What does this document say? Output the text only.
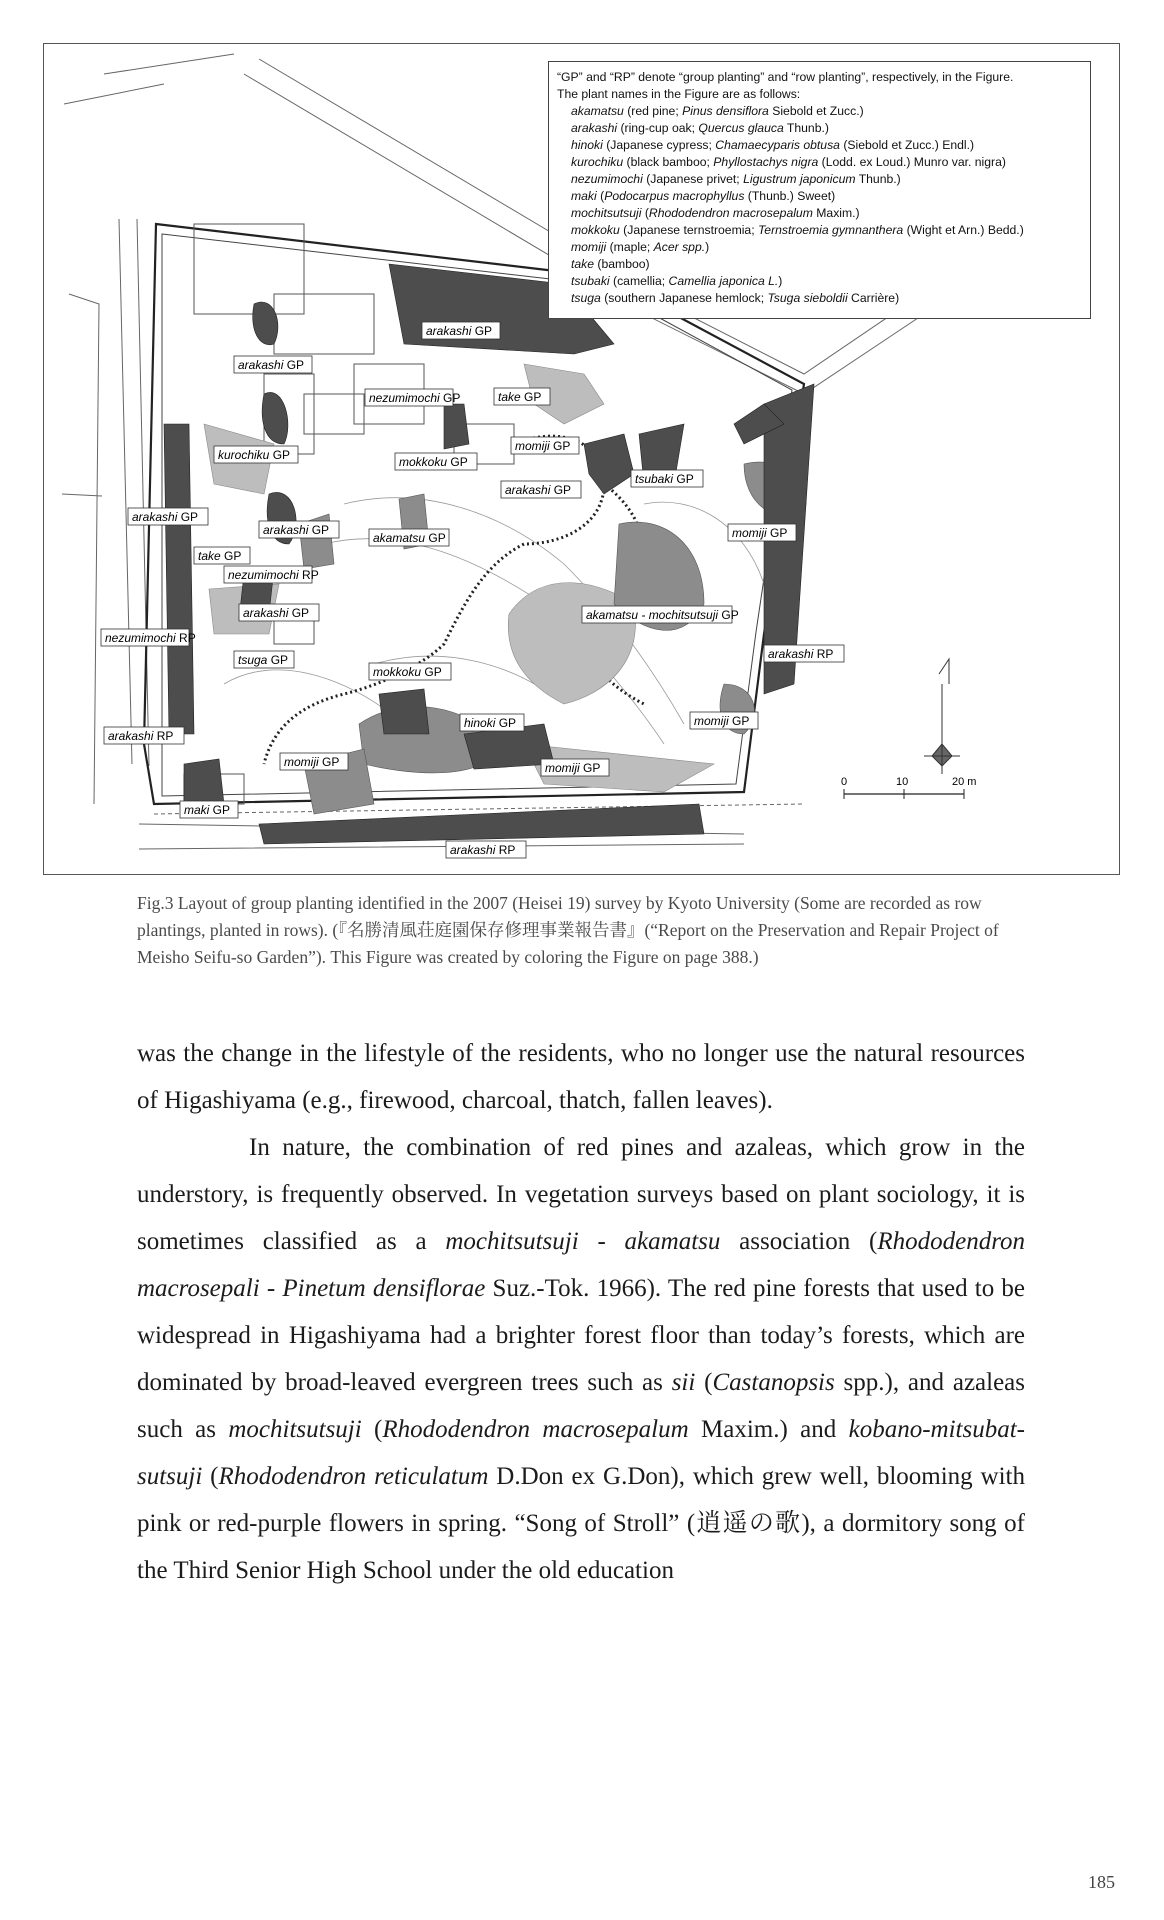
arakashi GP
arakashi GP
nezumimochi GP	take GP
momiji GP
kurochiku GP	mokkoku GP
tsubaki GP
arakashi GP
arakashi GP
arakashi GP
akamatsu GP	momiji GP
take GP
nezumimochi RP
arakashi GP	akamatsu - mochitsutsuji GP
nezumimochi RP
tsuga GP
mokkoku GP
arakashi RP
hinoki GP	momiji GP
arakashi RP
momiji GP	momiji GP
maki GP
arakashi RP
0	10	20 m
“GP” and “RP” denote “group planting” and “row planting”, respectively, in the Figure.
The plant names in the Figure are as follows:
akamatsu (red pine; Pinus densiflora Siebold et Zucc.)
arakashi (ring-cup oak; Quercus glauca Thunb.)
hinoki (Japanese cypress; Chamaecyparis obtusa (Siebold et Zucc.) Endl.)
kurochiku (black bamboo; Phyllostachys nigra (Lodd. ex Loud.) Munro var. nigra)
nezumimochi (Japanese privet; Ligustrum japonicum Thunb.)
maki (Podocarpus macrophyllus (Thunb.) Sweet)
mochitsutsuji (Rhododendron macrosepalum Maxim.)
mokkoku (Japanese ternstroemia; Ternstroemia gymnanthera (Wight et Arn.) Bedd.)
momiji (maple; Acer spp.)
take (bamboo)
tsubaki (camellia; Camellia japonica L.)
tsuga (southern Japanese hemlock; Tsuga sieboldii Carrière)
Fig.3 Layout of group planting identified in the 2007 (Heisei 19) survey by Kyoto University (Some are recorded as row plantings, planted in rows). (『名勝清風荘庭園保存修理事業報告書』(“Report on the Preservation and Repair Project of Meisho Seifu-so Garden”). This Figure was created by coloring the Figure on page 388.)

was the change in the lifestyle of the residents, who no longer use the natural resources of Higashiyama (e.g., firewood, charcoal, thatch, fallen leaves).

In nature, the combination of red pines and azaleas, which grow in the understory, is frequently observed. In vegetation surveys based on plant sociology, it is sometimes classified as a mochitsutsuji - akamatsu association (Rhododendron macrosepali - Pinetum densiflorae Suz.-Tok. 1966). The red pine forests that used to be widespread in Higashiyama had a brighter forest floor than today’s forests, which are dominated by broad-leaved evergreen trees such as sii (Castanopsis spp.), and azaleas such as mochitsutsuji (Rhododendron macrosepalum Maxim.) and kobano-mitsubat-sutsuji (Rhododendron reticulatum D.Don ex G.Don), which grew well, blooming with pink or red-purple flowers in spring. “Song of Stroll” (逍遥の歌), a dormitory song of the Third Senior High School under the old education

185
